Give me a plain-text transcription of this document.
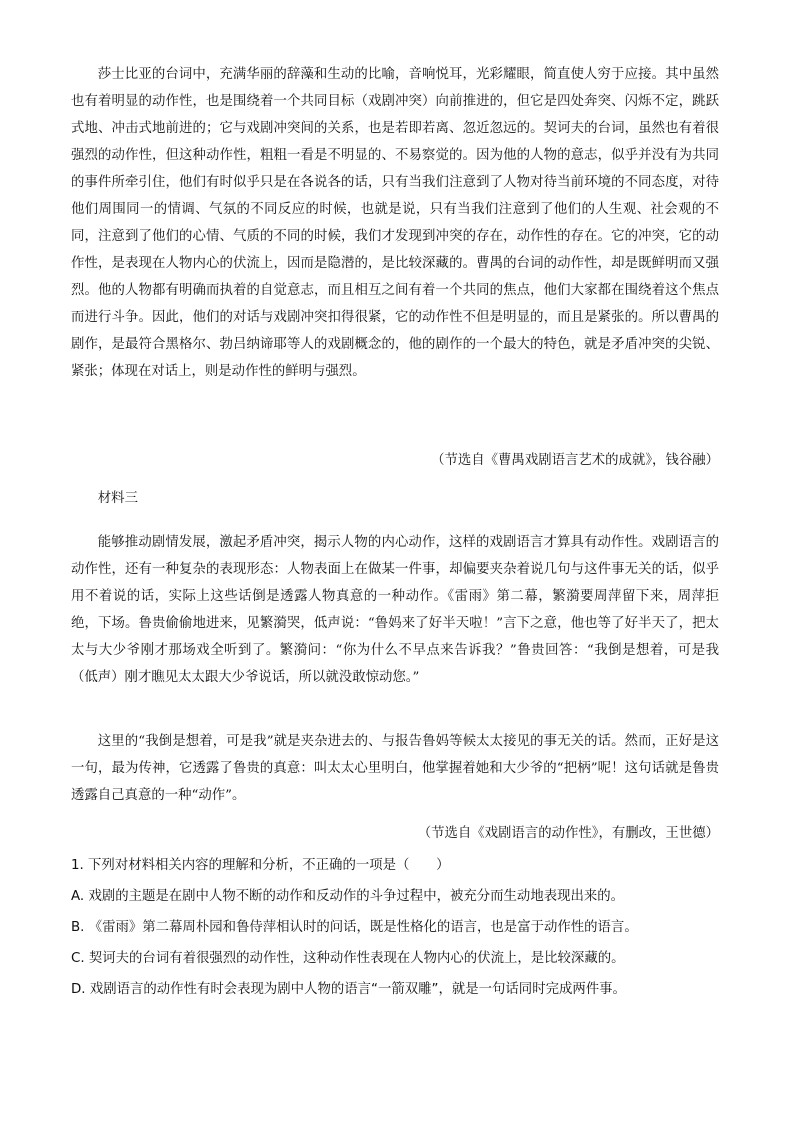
莎士比亚的台词中，充满华丽的辞藻和生动的比喻，音响悦耳，光彩耀眼，简直使人穷于应接。其中虽然也有着明显的动作性，也是围绕着一个共同目标（戏剧冲突）向前推进的，但它是四处奔突、闪烁不定，跳跃式地、冲击式地前进的；它与戏剧冲突间的关系，也是若即若离、忽近忽远的。契诃夫的台词，虽然也有着很强烈的动作性，但这种动作性，粗粗一看是不明显的、不易察觉的。因为他的人物的意志，似乎并没有为共同的事件所牵引住，他们有时似乎只是在各说各的话，只有当我们注意到了人物对待当前环境的不同态度，对待他们周围同一的情调、气氛的不同反应的时候，也就是说，只有当我们注意到了他们的人生观、社会观的不同，注意到了他们的心情、气质的不同的时候，我们才发现到冲突的存在，动作性的存在。它的冲突，它的动作性，是表现在人物内心的伏流上，因而是隐潜的，是比较深藏的。曹禺的台词的动作性，却是既鲜明而又强烈。他的人物都有明确而执着的自觉意志，而且相互之间有着一个共同的焦点，他们大家都在围绕着这个焦点而进行斗争。因此，他们的对话与戏剧冲突扣得很紧，它的动作性不但是明显的，而且是紧张的。所以曹禺的剧作，是最符合黑格尔、勃吕纳谛耶等人的戏剧概念的，他的剧作的一个最大的特色，就是矛盾冲突的尖锐、紧张；体现在对话上，则是动作性的鲜明与强烈。

（节选自《曹禺戏剧语言艺术的成就》，钱谷融）

材料三

能够推动剧情发展，激起矛盾冲突，揭示人物的内心动作，这样的戏剧语言才算具有动作性。戏剧语言的动作性，还有一种复杂的表现形态：人物表面上在做某一件事，却偏要夹杂着说几句与这件事无关的话，似乎用不着说的话，实际上这些话倒是透露人物真意的一种动作。《雷雨》第二幕，繁漪要周萍留下来，周萍拒绝，下场。鲁贵偷偷地进来，见繁漪哭，低声说：“鲁妈来了好半天啦！”言下之意，他也等了好半天了，把太太与大少爷刚才那场戏全听到了。繁漪问：“你为什么不早点来告诉我？”鲁贵回答：“我倒是想着，可是我（低声）刚才瞧见太太跟大少爷说话，所以就没敢惊动您。”

这里的“我倒是想着，可是我”就是夹杂进去的、与报告鲁妈等候太太接见的事无关的话。然而，正好是这一句，最为传神，它透露了鲁贵的真意：叫太太心里明白，他掌握着她和大少爷的“把柄”呢！这句话就是鲁贵透露自己真意的一种“动作”。

（节选自《戏剧语言的动作性》，有删改，王世德）

1. 下列对材料相关内容的理解和分析，不正确的一项是（　　）

A. 戏剧的主题是在剧中人物不断的动作和反动作的斗争过程中，被充分而生动地表现出来的。

B. 《雷雨》第二幕周朴园和鲁侍萍相认时的问话，既是性格化的语言，也是富于动作性的语言。

C. 契诃夫的台词有着很强烈的动作性，这种动作性表现在人物内心的伏流上，是比较深藏的。

D. 戏剧语言的动作性有时会表现为剧中人物的语言“一箭双雕”，就是一句话同时完成两件事。
